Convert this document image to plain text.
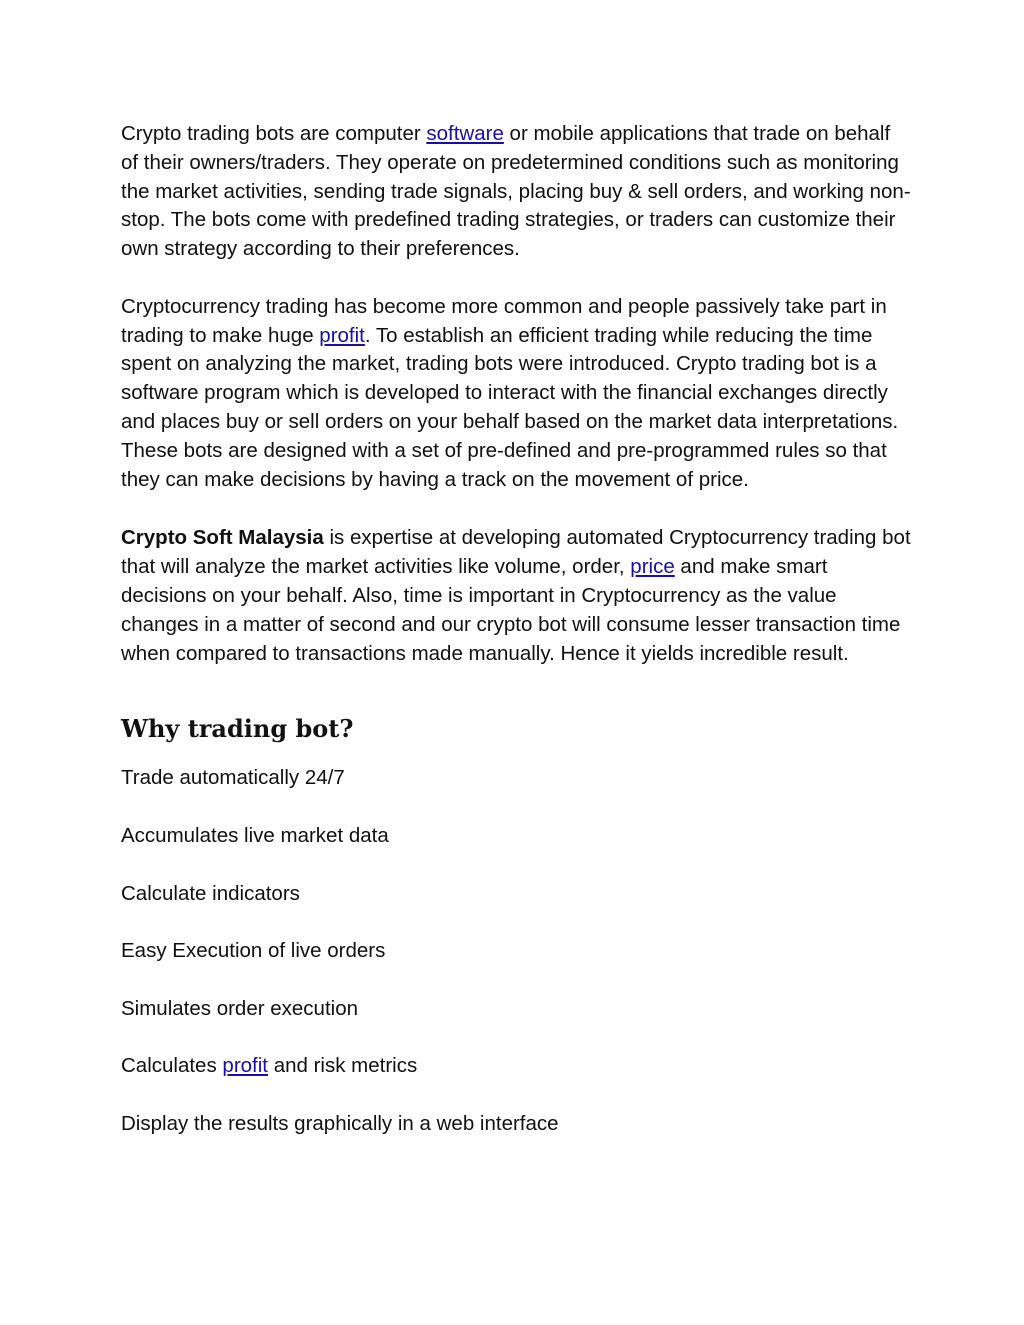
Crypto trading bots are computer software or mobile applications that trade on behalf of their owners/traders. They operate on predetermined conditions such as monitoring the market activities, sending trade signals, placing buy & sell orders, and working non-stop. The bots come with predefined trading strategies, or traders can customize their own strategy according to their preferences.

Cryptocurrency trading has become more common and people passively take part in trading to make huge profit. To establish an efficient trading while reducing the time spent on analyzing the market, trading bots were introduced. Crypto trading bot is a software program which is developed to interact with the financial exchanges directly and places buy or sell orders on your behalf based on the market data interpretations. These bots are designed with a set of pre-defined and pre-programmed rules so that they can make decisions by having a track on the movement of price.

Crypto Soft Malaysia is expertise at developing automated Cryptocurrency trading bot that will analyze the market activities like volume, order, price and make smart decisions on your behalf. Also, time is important in Cryptocurrency as the value changes in a matter of second and our crypto bot will consume lesser transaction time when compared to transactions made manually. Hence it yields incredible result.

Why trading bot?

Trade automatically 24/7

Accumulates live market data

Calculate indicators

Easy Execution of live orders

Simulates order execution

Calculates profit and risk metrics

Display the results graphically in a web interface
